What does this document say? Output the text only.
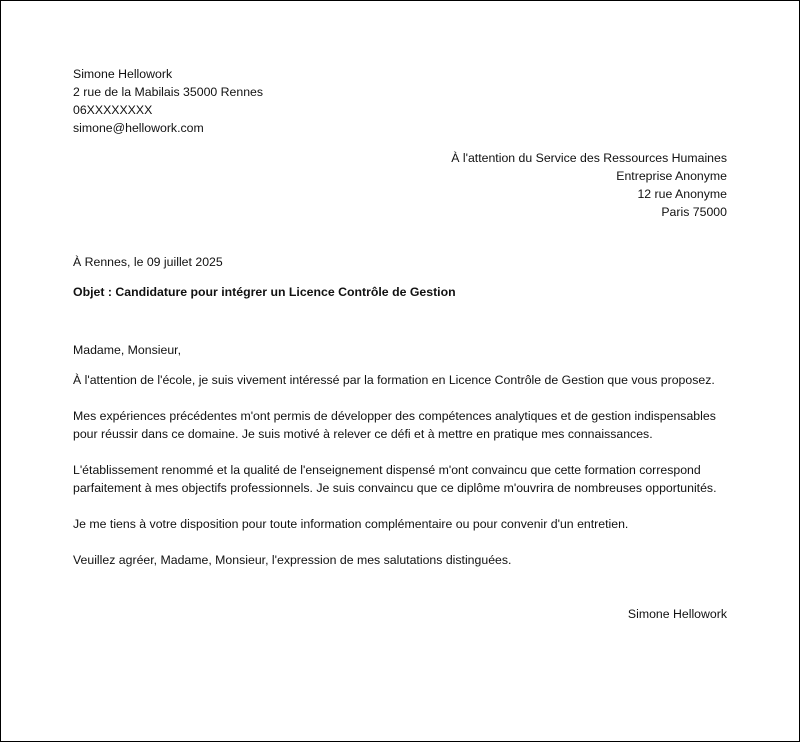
Simone Hellowork
2 rue de la Mabilais 35000 Rennes
06XXXXXXXX
simone@hellowork.com
À l'attention du Service des Ressources Humaines
Entreprise Anonyme
12 rue Anonyme
Paris 75000
À Rennes, le 09 juillet 2025
Objet : Candidature pour intégrer un Licence Contrôle de Gestion
Madame, Monsieur,
À l'attention de l'école, je suis vivement intéressé par la formation en Licence Contrôle de Gestion que vous proposez.
Mes expériences précédentes m'ont permis de développer des compétences analytiques et de gestion indispensables pour réussir dans ce domaine. Je suis motivé à relever ce défi et à mettre en pratique mes connaissances.
L'établissement renommé et la qualité de l'enseignement dispensé m'ont convaincu que cette formation correspond parfaitement à mes objectifs professionnels. Je suis convaincu que ce diplôme m'ouvrira de nombreuses opportunités.
Je me tiens à votre disposition pour toute information complémentaire ou pour convenir d'un entretien.
Veuillez agréer, Madame, Monsieur, l'expression de mes salutations distinguées.
Simone Hellowork
